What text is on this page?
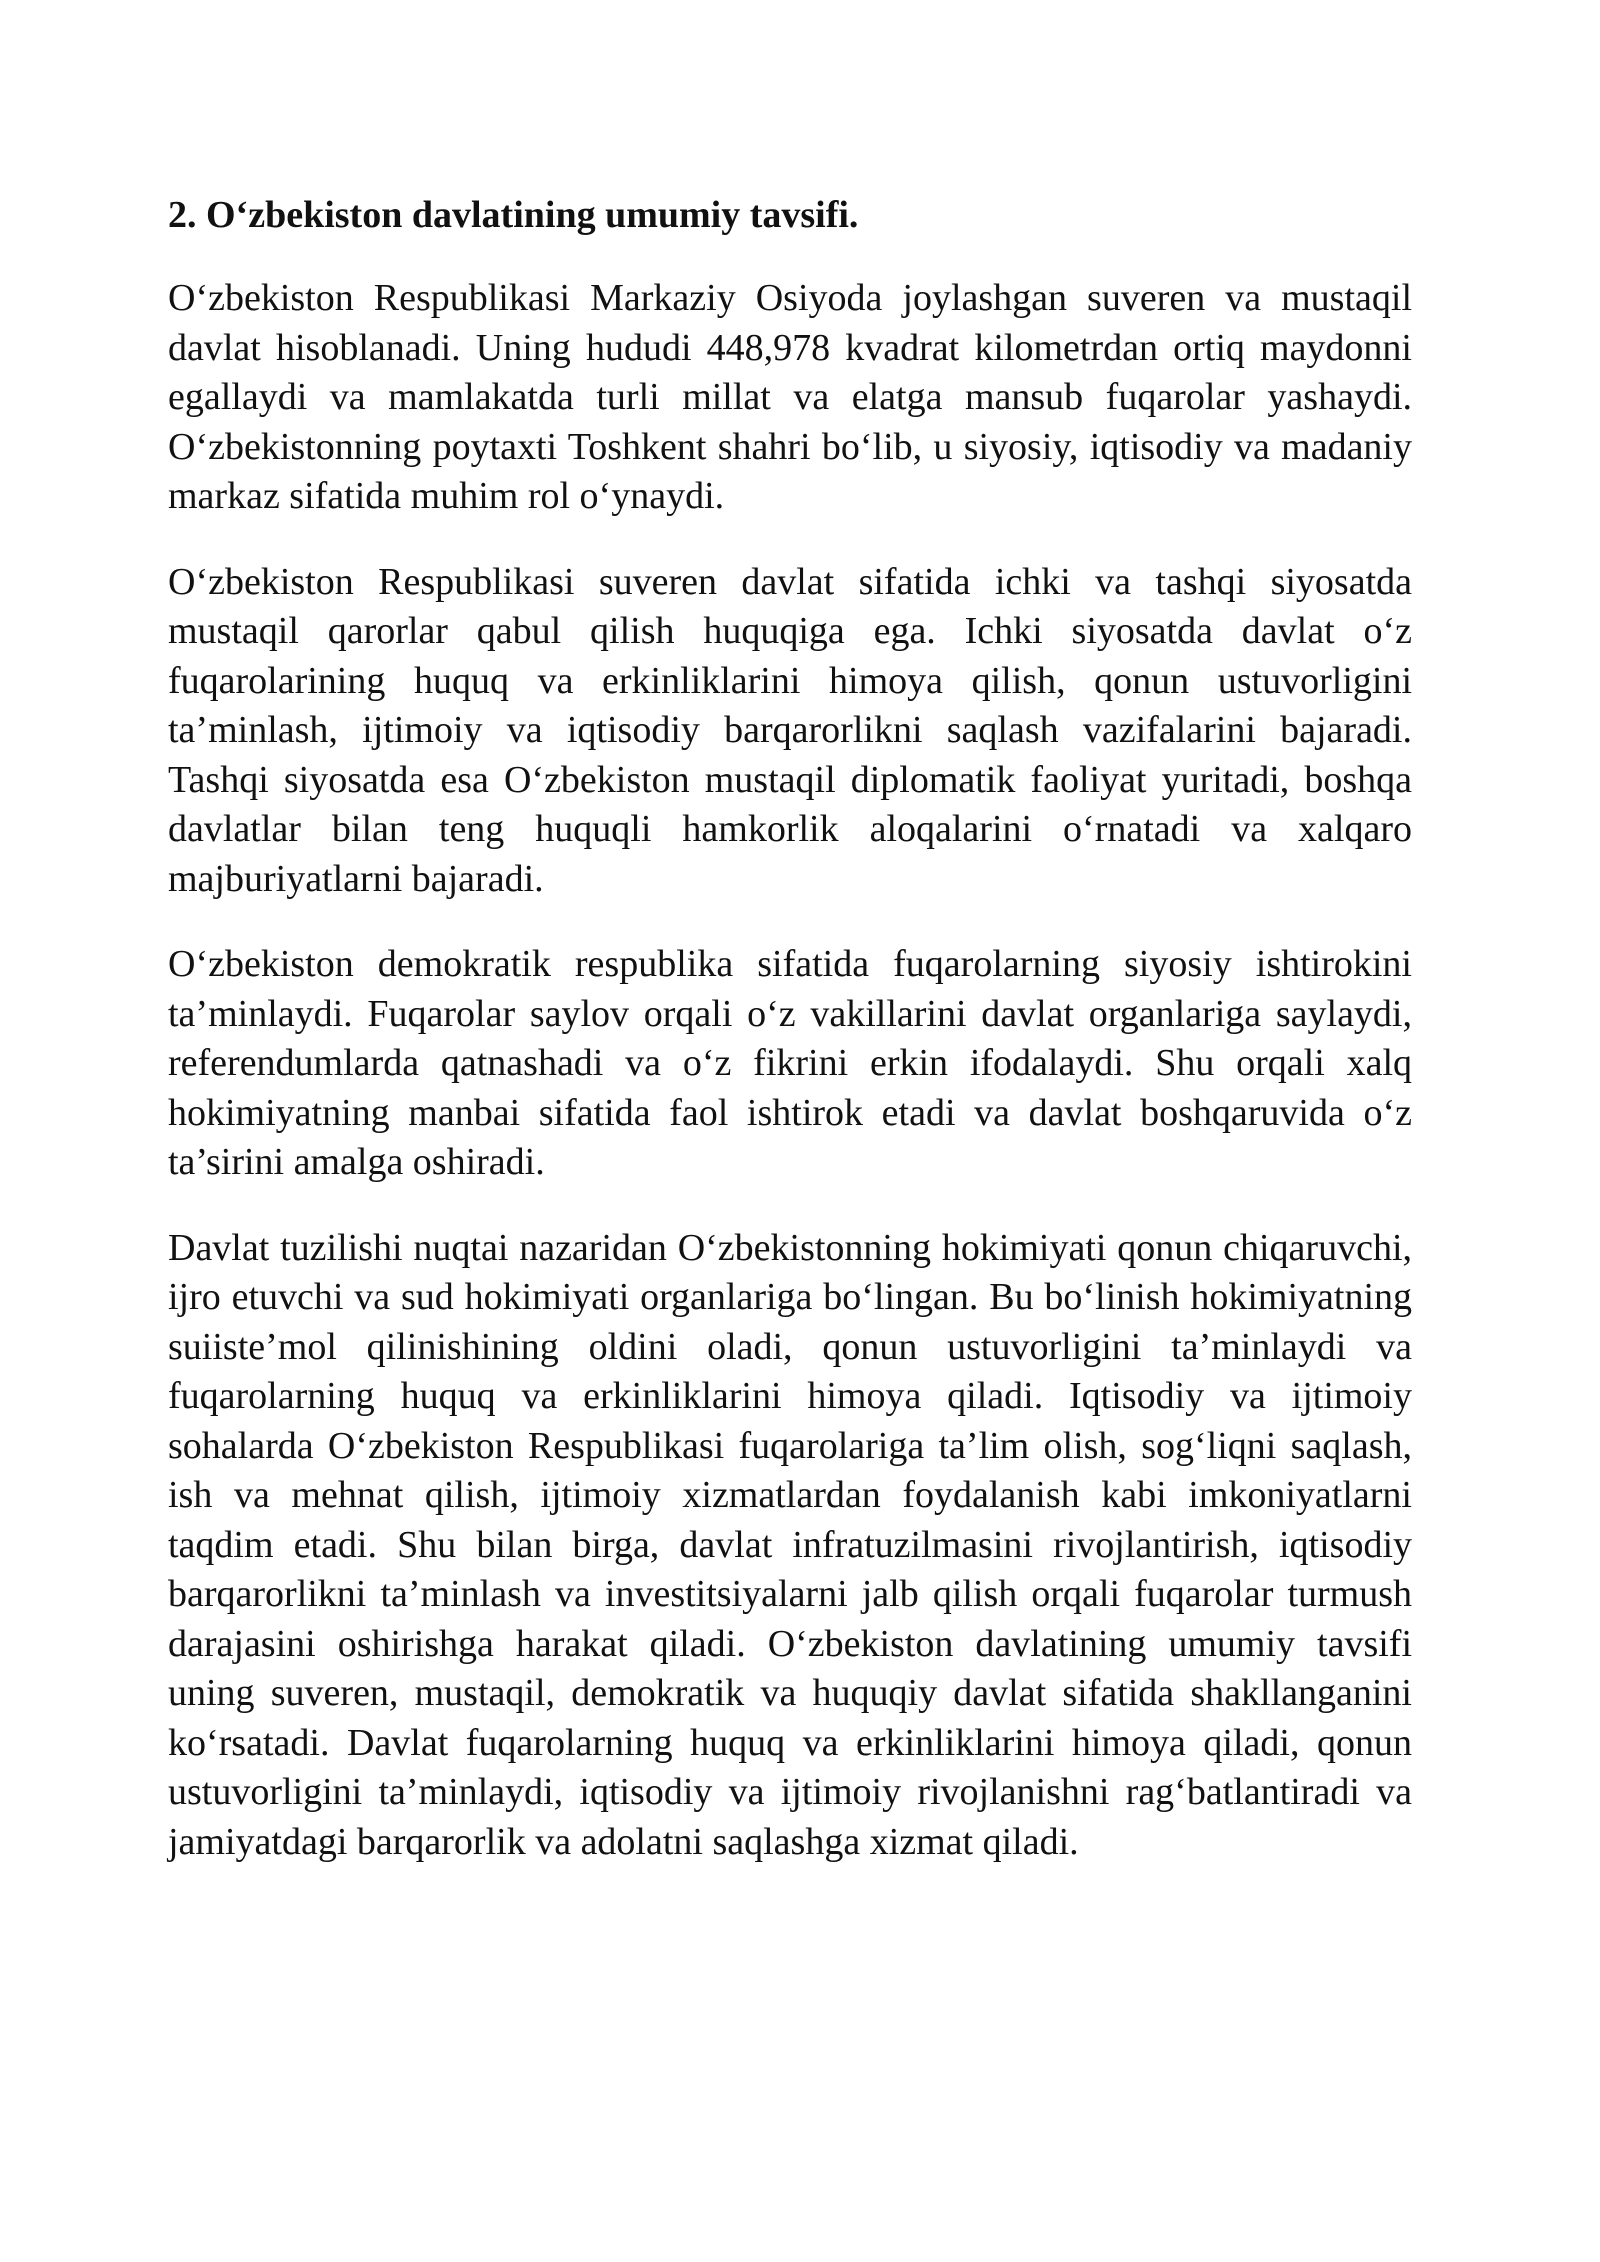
2. O‘zbekiston davlatining umumiy tavsifi.

O‘zbekiston Respublikasi Markaziy Osiyoda joylashgan suveren va mustaqil davlat hisoblanadi. Uning hududi 448,978 kvadrat kilometrdan ortiq maydonni egallaydi va mamlakatda turli millat va elatga mansub fuqarolar yashaydi. O‘zbekistonning poytaxti Toshkent shahri bo‘lib, u siyosiy, iqtisodiy va madaniy markaz sifatida muhim rol o‘ynaydi.

O‘zbekiston Respublikasi suveren davlat sifatida ichki va tashqi siyosatda mustaqil qarorlar qabul qilish huquqiga ega. Ichki siyosatda davlat o‘z fuqarolarining huquq va erkinliklarini himoya qilish, qonun ustuvorligini ta’minlash, ijtimoiy va iqtisodiy barqarorlikni saqlash vazifalarini bajaradi. Tashqi siyosatda esa O‘zbekiston mustaqil diplomatik faoliyat yuritadi, boshqa davlatlar bilan teng huquqli hamkorlik aloqalarini o‘rnatadi va xalqaro majburiyatlarni bajaradi.

O‘zbekiston demokratik respublika sifatida fuqarolarning siyosiy ishtirokini ta’minlaydi. Fuqarolar saylov orqali o‘z vakillarini davlat organlariga saylaydi, referendumlarda qatnashadi va o‘z fikrini erkin ifodalaydi. Shu orqali xalq hokimiyatning manbai sifatida faol ishtirok etadi va davlat boshqaruvida o‘z ta’sirini amalga oshiradi.

Davlat tuzilishi nuqtai nazaridan O‘zbekistonning hokimiyati qonun chiqaruvchi, ijro etuvchi va sud hokimiyati organlariga bo‘lingan. Bu bo‘linish hokimiyatning suiiste’mol qilinishining oldini oladi, qonun ustuvorligini ta’minlaydi va fuqarolarning huquq va erkinliklarini himoya qiladi. Iqtisodiy va ijtimoiy sohalarda O‘zbekiston Respublikasi fuqarolariga ta’lim olish, sog‘liqni saqlash, ish va mehnat qilish, ijtimoiy xizmatlardan foydalanish kabi imkoniyatlarni taqdim etadi. Shu bilan birga, davlat infratuzilmasini rivojlantirish, iqtisodiy barqarorlikni ta’minlash va investitsiyalarni jalb qilish orqali fuqarolar turmush darajasini oshirishga harakat qiladi. O‘zbekiston davlatining umumiy tavsifi uning suveren, mustaqil, demokratik va huquqiy davlat sifatida shakllanganini ko‘rsatadi. Davlat fuqarolarning huquq va erkinliklarini himoya qiladi, qonun ustuvorligini ta’minlaydi, iqtisodiy va ijtimoiy rivojlanishni rag‘batlantiradi va jamiyatdagi barqarorlik va adolatni saqlashga xizmat qiladi.
